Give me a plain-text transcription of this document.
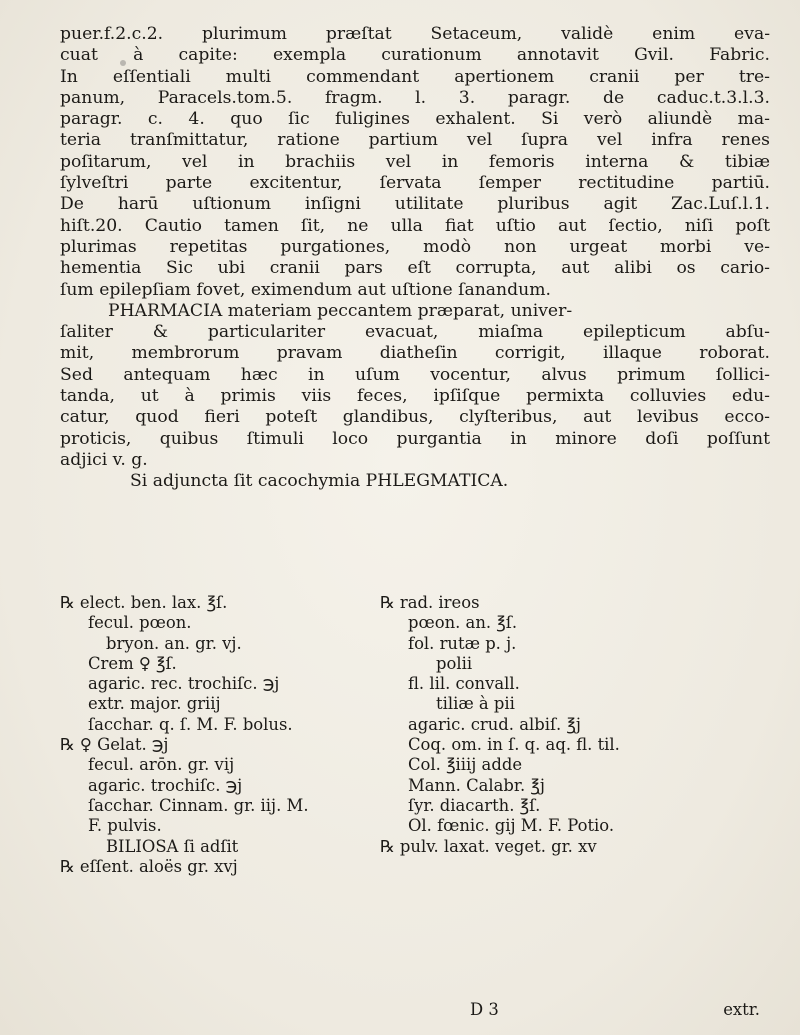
puer.f.2.c.2. plurimum præſtat Setaceum, validè enim eva-
cuat à capite: exempla curationum annotavit Gvil. Fabric.
In eſſentiali multi commendant apertionem cranii per tre-
panum, Paracels.tom.5. fragm. l. 3. paragr. de caduc.t.3.l.3.
paragr. c. 4. quo ſic fuligines exhalent. Si verò aliundè ma-
teria tranſmittatur, ratione partium vel ſupra vel infra renes
poſitarum, vel in brachiis vel in femoris interna & tibiæ
ſylveſtri parte excitentur, ſervata ſemper rectitudine partiū.
De harū uſtionum inſigni utilitate pluribus agit Zac.Luſ.l.1.
hiſt.20. Cautio tamen ſit, ne ulla fiat uſtio aut ſectio, niſi poſt
plurimas repetitas purgationes, modò non urgeat morbi ve-
hementia Sic ubi cranii pars eſt corrupta, aut alibi os cario-
ſum epilepſiam fovet, eximendum aut uſtione ſanandum.
PHARMACIA materiam peccantem præparat, univer-
ſaliter & particulariter evacuat, miaſma epilepticum abſu-
mit, membrorum pravam diatheſin corrigit, illaque roborat.
Sed antequam hæc in uſum vocentur, alvus primum ſollici-
tanda, ut à primis viis feces, ipſiſque permixta colluvies edu-
catur, quod fieri poteſt glandibus, clyſteribus, aut levibus ecco-
proticis, quibus ſtimuli loco purgantia in minore doſi poſſunt
adjici v. g.
Si adjuncta ſit cacochymia PHLEGMATICA.
℞ elect. ben. lax. ℥ſ.
fecul. pœon.
bryon. an. gr. vj.
Crem ♀ ℥ſ.
agaric. rec. trochiſc. ℈j
extr. major. griij
ſacchar. q. ſ. M. F. bolus.
℞ ♀ Gelat. ℈j
fecul. arōn. gr. vij
agaric. trochiſc. ℈j
ſacchar. Cinnam. gr. iij. M.
F. pulvis.
BILIOSA ſi adſit
℞ eſſent. aloës gr. xvj
℞ rad. ireos
pœon. an. ℥ſ.
fol. rutæ p. j.
polii
fl. lil. convall.
tiliæ à pii
agaric. crud. albiſ. ℥j
Coq. om. in ſ. q. aq. fl. til.
Col. ℥iiij adde
Mann. Calabr. ℥j
ſyr. diacarth. ℥ſ.
Ol. fœnic. gij M. F. Potio.
℞ pulv. laxat. veget. gr. xv
D 3	extr.
